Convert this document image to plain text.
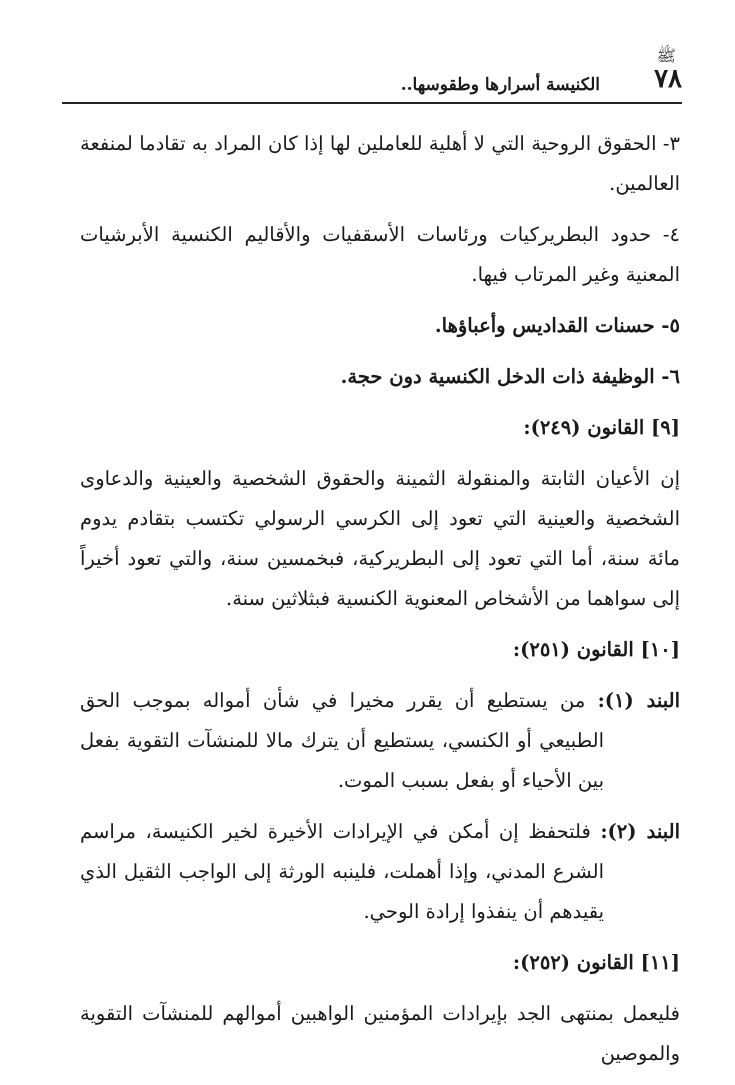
ﷺ
٧٨
الكنيسة أسرارها وطقوسها..

٣- الحقوق الروحية التي لا أهلية للعاملين لها إذا كان المراد به تقادما لمنفعة العالمين.

٤- حدود البطريركيات ورئاسات الأسقفيات والأقاليم الكنسية الأبرشيات المعنية وغير المرتاب فيها.

٥- حسنات القداديس وأعباؤها.

٦- الوظيفة ذات الدخل الكنسية دون حجة.

[٩] القانون (٢٤٩):

إن الأعيان الثابتة والمنقولة الثمينة والحقوق الشخصية والعينية والدعاوى الشخصية والعينية التي تعود إلى الكرسي الرسولي تكتسب بتقادم يدوم مائة سنة، أما التي تعود إلى البطريركية، فبخمسين سنة، والتي تعود أخيراً إلى سواهما من الأشخاص المعنوية الكنسية فبثلاثين سنة.

[١٠] القانون (٢٥١):

البند (١): من يستطيع أن يقرر مخيرا في شأن أمواله بموجب الحق الطبيعي أو الكنسي، يستطيع أن يترك مالا للمنشآت التقوية بفعل بين الأحياء أو بفعل بسبب الموت.

البند (٢): فلتحفظ إن أمكن في الإيرادات الأخيرة لخير الكنيسة، مراسم الشرع المدني، وإذا أهملت، فلينبه الورثة إلى الواجب الثقيل الذي يقيدهم أن ينفذوا إرادة الوحي.

[١١] القانون (٢٥٢):

فليعمل بمنتهى الجد بإيرادات المؤمنين الواهبين أموالهم للمنشآت التقوية والموصين
